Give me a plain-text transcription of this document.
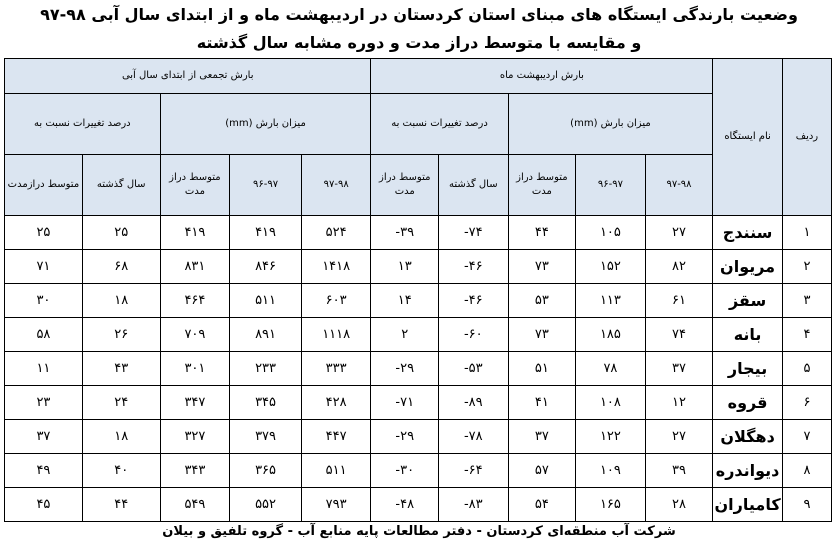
وضعیت بارندگی ایستگاه های مبنای استان کردستان در اردیبهشت ماه و از ابتدای سال آبی ۹۸-۹۷
و مقایسه با متوسط دراز مدت و دوره مشابه سال گذشته
ردیف	نام ایستگاه	بارش اردیبهشت ماه					بارش تجمعی از ابتدای سال آبی				
		میزان بارش (mm)			درصد تغییرات نسبت به		میزان بارش (mm)			درصد تغییرات نسبت به	
		۹۷-۹۸	۹۶-۹۷	متوسط دراز مدت	سال گذشته	متوسط دراز مدت	۹۷-۹۸	۹۶-۹۷	متوسط دراز مدت	سال گذشته	متوسط درازمدت
۱	سنندج	۲۷	۱۰۵	۴۴	۷۴-	۳۹-	۵۲۴	۴۱۹	۴۱۹	۲۵	۲۵
۲	مریوان	۸۲	۱۵۲	۷۳	۴۶-	۱۳	۱۴۱۸	۸۴۶	۸۳۱	۶۸	۷۱
۳	سقز	۶۱	۱۱۳	۵۳	۴۶-	۱۴	۶۰۳	۵۱۱	۴۶۴	۱۸	۳۰
۴	بانه	۷۴	۱۸۵	۷۳	۶۰-	۲	۱۱۱۸	۸۹۱	۷۰۹	۲۶	۵۸
۵	بیجار	۳۷	۷۸	۵۱	۵۳-	۲۹-	۳۳۳	۲۳۳	۳۰۱	۴۳	۱۱
۶	قروه	۱۲	۱۰۸	۴۱	۸۹-	۷۱-	۴۲۸	۳۴۵	۳۴۷	۲۴	۲۳
۷	دهگلان	۲۷	۱۲۲	۳۷	۷۸-	۲۹-	۴۴۷	۳۷۹	۳۲۷	۱۸	۳۷
۸	دیواندره	۳۹	۱۰۹	۵۷	۶۴-	۳۰-	۵۱۱	۳۶۵	۳۴۳	۴۰	۴۹
۹	کامیاران	۲۸	۱۶۵	۵۴	۸۳-	۴۸-	۷۹۳	۵۵۲	۵۴۹	۴۴	۴۵
شرکت آب منطقه‌ای کردستان - دفتر مطالعات پایه منابع آب - گروه تلفیق و بیلان
